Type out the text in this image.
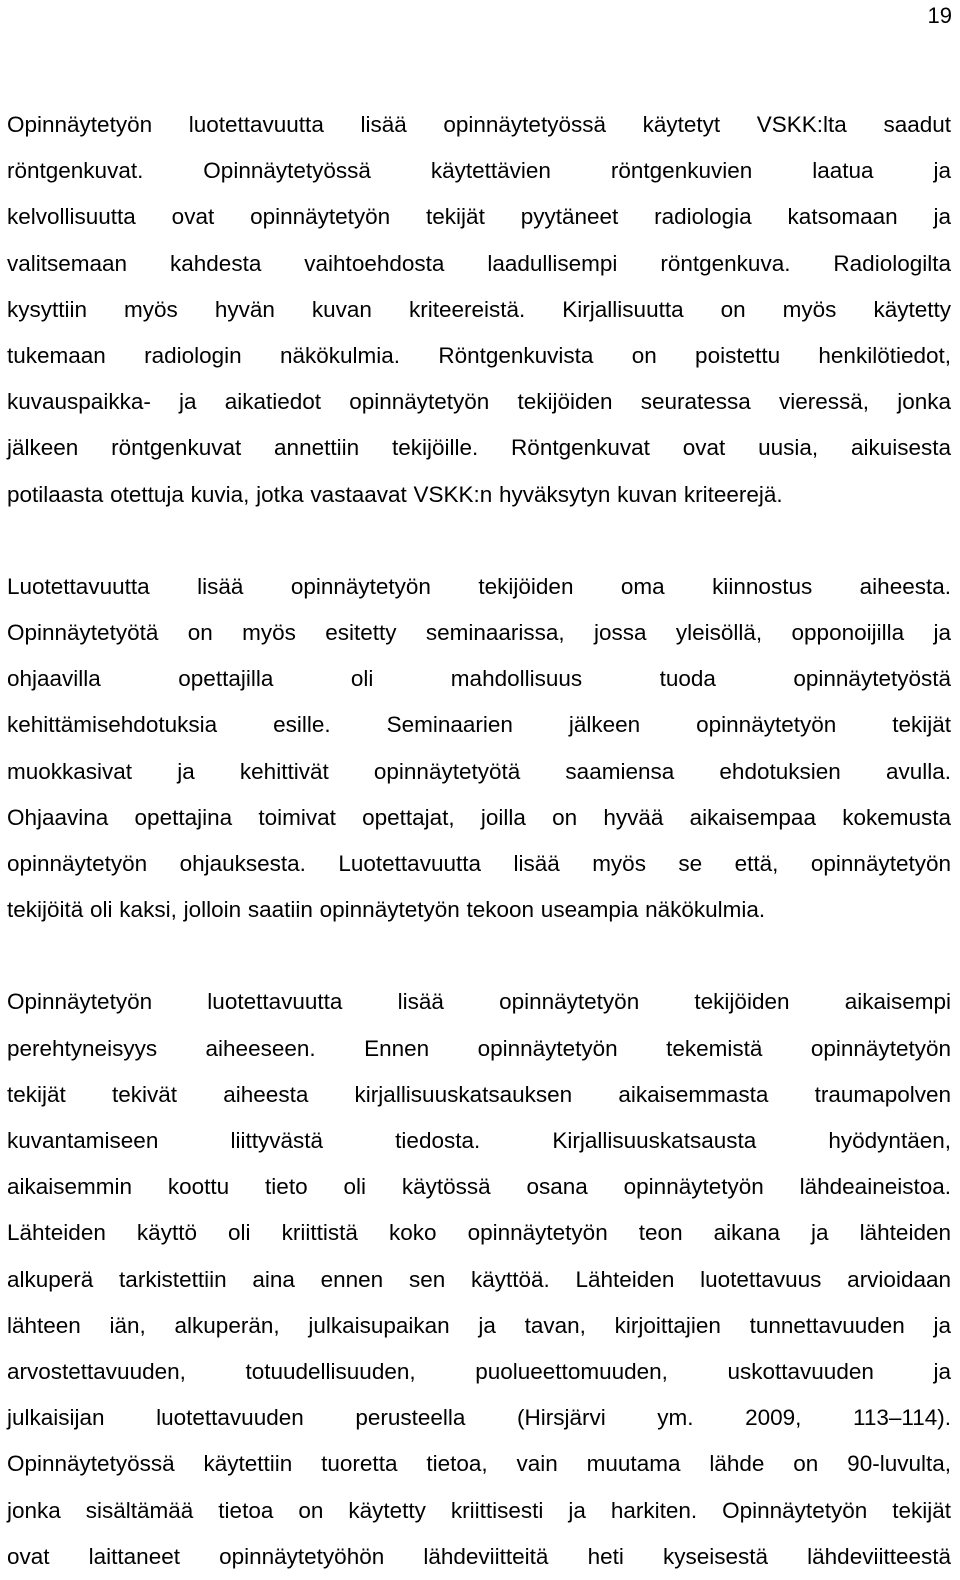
19

Opinnäytetyön luotettavuutta lisää opinnäytetyössä käytetyt VSKK:lta saadut
röntgenkuvat. Opinnäytetyössä käytettävien röntgenkuvien laatua ja
kelvollisuutta ovat opinnäytetyön tekijät pyytäneet radiologia katsomaan ja
valitsemaan kahdesta vaihtoehdosta laadullisempi röntgenkuva. Radiologilta
kysyttiin myös hyvän kuvan kriteereistä. Kirjallisuutta on myös käytetty
tukemaan radiologin näkökulmia. Röntgenkuvista on poistettu henkilötiedot,
kuvauspaikka- ja aikatiedot opinnäytetyön tekijöiden seuratessa vieressä, jonka
jälkeen röntgenkuvat annettiin tekijöille. Röntgenkuvat ovat uusia, aikuisesta
potilaasta otettuja kuvia, jotka vastaavat VSKK:n hyväksytyn kuvan kriteerejä.

Luotettavuutta lisää opinnäytetyön tekijöiden oma kiinnostus aiheesta.
Opinnäytetyötä on myös esitetty seminaarissa, jossa yleisöllä, opponoijilla ja
ohjaavilla opettajilla oli mahdollisuus tuoda opinnäytetyöstä
kehittämisehdotuksia esille. Seminaarien jälkeen opinnäytetyön tekijät
muokkasivat ja kehittivät opinnäytetyötä saamiensa ehdotuksien avulla.
Ohjaavina opettajina toimivat opettajat, joilla on hyvää aikaisempaa kokemusta
opinnäytetyön ohjauksesta. Luotettavuutta lisää myös se että, opinnäytetyön
tekijöitä oli kaksi, jolloin saatiin opinnäytetyön tekoon useampia näkökulmia.

Opinnäytetyön luotettavuutta lisää opinnäytetyön tekijöiden aikaisempi
perehtyneisyys aiheeseen. Ennen opinnäytetyön tekemistä opinnäytetyön
tekijät tekivät aiheesta kirjallisuuskatsauksen aikaisemmasta traumapolven
kuvantamiseen liittyvästä tiedosta. Kirjallisuuskatsausta hyödyntäen,
aikaisemmin koottu tieto oli käytössä osana opinnäytetyön lähdeaineistoa.
Lähteiden käyttö oli kriittistä koko opinnäytetyön teon aikana ja lähteiden
alkuperä tarkistettiin aina ennen sen käyttöä. Lähteiden luotettavuus arvioidaan
lähteen iän, alkuperän, julkaisupaikan ja tavan, kirjoittajien tunnettavuuden ja
arvostettavuuden, totuudellisuuden, puolueettomuuden, uskottavuuden ja
julkaisijan luotettavuuden perusteella (Hirsjärvi ym. 2009, 113–114).
Opinnäytetyössä käytettiin tuoretta tietoa, vain muutama lähde on 90-luvulta,
jonka sisältämää tietoa on käytetty kriittisesti ja harkiten. Opinnäytetyön tekijät
ovat laittaneet opinnäytetyöhön lähdeviitteitä heti kyseisestä lähdeviitteestä
